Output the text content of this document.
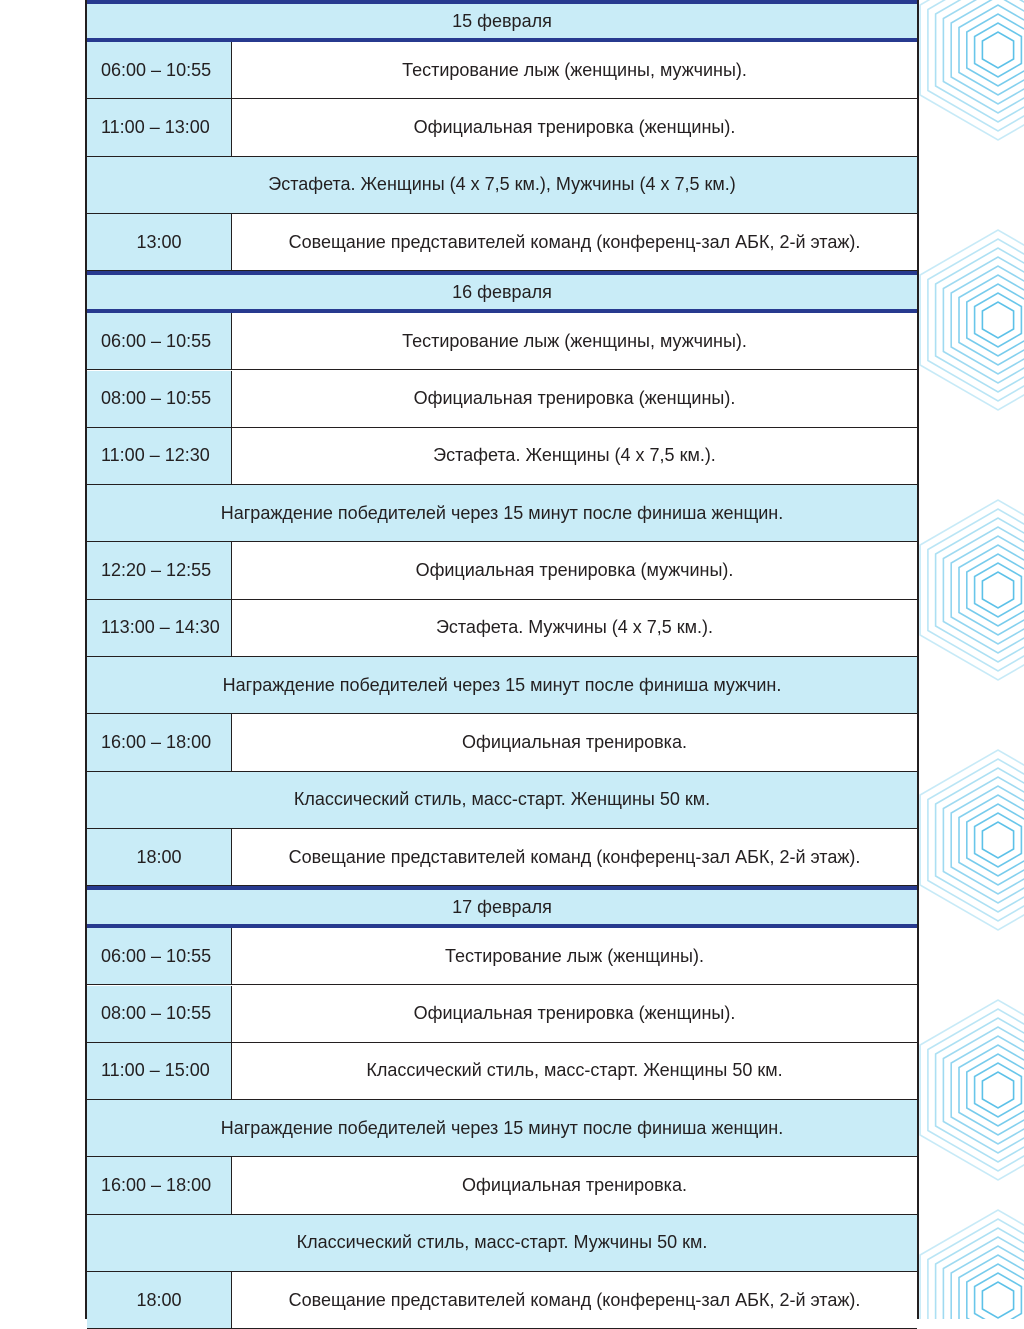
15 февраля
06:00 – 10:55	Тестирование лыж (женщины, мужчины).
11:00 – 13:00	Официальная тренировка (женщины).
Эстафета. Женщины (4 х 7,5 км.), Мужчины (4 х 7,5 км.)
13:00	Совещание представителей команд (конференц-зал АБК, 2-й этаж).
16 февраля
06:00 – 10:55	Тестирование лыж (женщины, мужчины).
08:00 – 10:55	Официальная тренировка (женщины).
11:00 – 12:30	Эстафета. Женщины (4 х 7,5 км.).
Награждение победителей через 15 минут после финиша женщин.
12:20 – 12:55	Официальная тренировка (мужчины).
113:00 – 14:30	Эстафета. Мужчины (4 х 7,5 км.).
Награждение победителей через 15 минут после финиша мужчин.
16:00 – 18:00	Официальная тренировка.
Классический стиль, масс-старт. Женщины 50 км.
18:00	Совещание представителей команд (конференц-зал АБК, 2-й этаж).
17 февраля
06:00 – 10:55	Тестирование лыж (женщины).
08:00 – 10:55	Официальная тренировка (женщины).
11:00 – 15:00	Классический стиль, масс-старт. Женщины 50 км.
Награждение победителей через 15 минут после финиша женщин.
16:00 – 18:00	Официальная тренировка.
Классический стиль, масс-старт. Мужчины 50 км.
18:00	Совещание представителей команд (конференц-зал АБК, 2-й этаж).
